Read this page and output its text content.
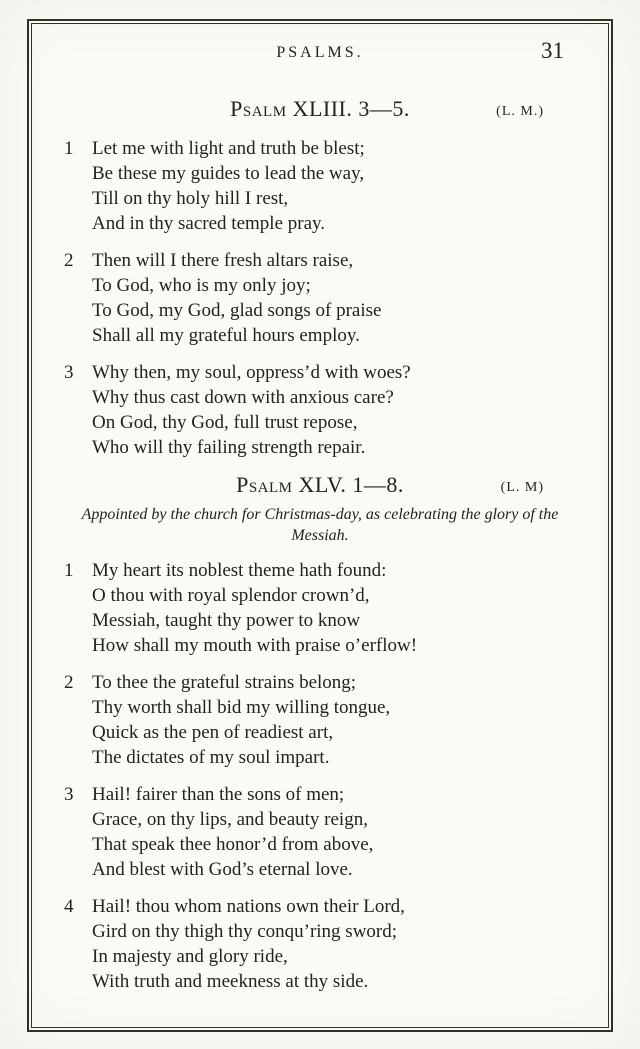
PSALMS.	31
Psalm XLIII. 3—5.	(L. M.)
1 Let me with light and truth be blest;
Be these my guides to lead the way,
Till on thy holy hill I rest,
And in thy sacred temple pray.
2 Then will I there fresh altars raise,
To God, who is my only joy;
To God, my God, glad songs of praise
Shall all my grateful hours employ.
3 Why then, my soul, oppress’d with woes?
Why thus cast down with anxious care?
On God, thy God, full trust repose,
Who will thy failing strength repair.
Psalm XLV. 1—8.	(L. M)
Appointed by the church for Christmas-day, as celebrating the glory of the Messiah.
1 My heart its noblest theme hath found:
O thou with royal splendor crown’d,
Messiah, taught thy power to know
How shall my mouth with praise o’erflow!
2 To thee the grateful strains belong;
Thy worth shall bid my willing tongue,
Quick as the pen of readiest art,
The dictates of my soul impart.
3 Hail! fairer than the sons of men;
Grace, on thy lips, and beauty reign,
That speak thee honor’d from above,
And blest with God’s eternal love.
4 Hail! thou whom nations own their Lord,
Gird on thy thigh thy conqu’ring sword;
In majesty and glory ride,
With truth and meekness at thy side.
